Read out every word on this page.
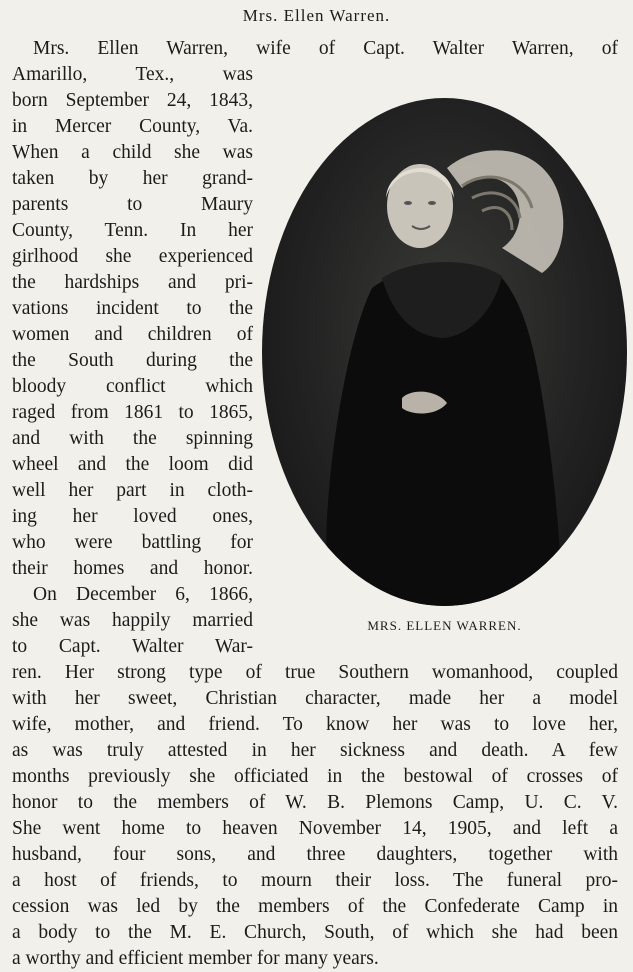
Mrs. Ellen Warren.
Mrs. Ellen Warren, wife of Capt. Walter Warren, of
Amarillo, Tex., was
born September 24, 1843,
in Mercer County, Va.
When a child she was
taken by her grand-
parents to Maury
County, Tenn. In her
girlhood she experienced
the hardships and pri-
vations incident to the
women and children of
the South during the
bloody conflict which
raged from 1861 to 1865,
and with the spinning
wheel and the loom did
well her part in cloth-
ing her loved ones,
who were battling for
their homes and honor.
On December 6, 1866,
she was happily married
to Capt. Walter War-
ren. Her strong type of true Southern womanhood, coupled
with her sweet, Christian character, made her a model
wife, mother, and friend. To know her was to love her,
as was truly attested in her sickness and death. A few
months previously she officiated in the bestowal of crosses of
honor to the members of W. B. Plemons Camp, U. C. V.
She went home to heaven November 14, 1905, and left a
husband, four sons, and three daughters, together with
a host of friends, to mourn their loss. The funeral pro-
cession was led by the members of the Confederate Camp in
a body to the M. E. Church, South, of which she had been
a worthy and efficient member for many years.
MRS. ELLEN WARREN.
